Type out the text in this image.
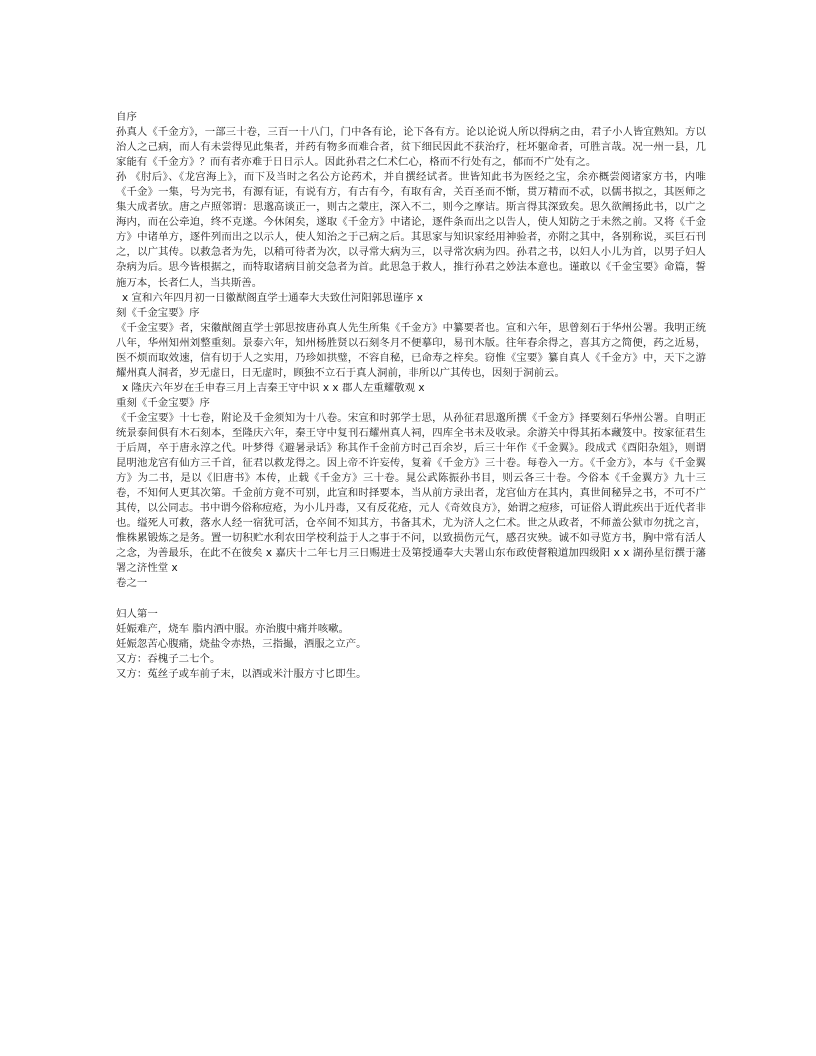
自序

孙真人《千金方》，一部三十卷，三百一十八门，门中各有论，论下各有方。论以论说人所以得病之由，君子小人皆宜熟知。方以治人之己病，而人有未尝得见此集者，并药有物多而难合者，贫下细民因此不获治疗，枉坏躯命者，可胜言哉。况一州一县，几家能有《千金方》？而有者亦难于日日示人。因此孙君之仁术仁心，格而不行处有之，郁而不广处有之。

孙 《肘后》、《龙宫海上》，而下及当时之名公方论药术，并自撰经试者。世皆知此书为医经之宝，余亦概尝阅诸家方书，内唯《千金》一集，号为完书，有源有证，有说有方，有古有今，有取有舍，关百圣而不惭，贯万精而不忒，以儒书拟之，其医师之集大成者欤。唐之卢照邻谓：思邈高谈正一，则古之蒙庄，深入不二，则今之摩诘。斯言得其深致矣。思久欲阐扬此书，以广之海内，而在公牵迫，终不克遂。今休闲矣，遂取《千金方》中诸论，逐件条而出之以告人，使人知防之于未然之前。又将《千金方》中诸单方，逐件列而出之以示人，使人知治之于己病之后。其思家与知识家经用神验者，亦附之其中，各别称说，买巨石刊之，以广其传。以救急者为先，以稍可待者为次，以寻常大病为三，以寻常次病为四。孙君之书，以妇人小儿为首，以男子妇人杂病为后。思今皆根据之，而特取诸病目前交急者为首。此思急于救人，推行孙君之妙法本意也。谨敢以《千金宝要》命篇，誓施万本，长者仁人，当共斯善。

x 宣和六年四月初一日徽猷阁直学士通奉大夫致仕河阳郭思谨序 x

刻《千金宝要》序

《千金宝要》者，宋徽猷阁直学士郭思按唐孙真人先生所集《千金方》中纂要者也。宣和六年，思曾刻石于华州公署。我明正统八年，华州知州刘整重刻。景泰六年，知州杨胜贤以石刻冬月不便摹印，易刊木版。往年春余得之，喜其方之简便，药之近易，医不烦而取效速，信有切于人之实用，乃珍如拱璧，不容自秘，已命寿之梓矣。窃惟《宝要》纂自真人《千金方》中，天下之游耀州真人洞者，岁无虚日，日无虚时，顾独不立石于真人洞前，非所以广其传也，因刻于洞前云。

x 隆庆六年岁在壬申春三月上吉秦王守中识 x x 郡人左重耀敬观 x

重刻《千金宝要》序

《千金宝要》十七卷，附论及千金须知为十八卷。宋宣和时郭学士思，从孙征君思邈所撰《千金方》择要刻石华州公署。自明正统景泰间俱有木石刻本，至隆庆六年，秦王守中复刊石耀州真人祠，四库全书未及收录。余游关中得其拓本藏笈中。按家征君生于后周，卒于唐永淳之代。叶梦得《避暑录话》称其作千金前方时己百余岁，后三十年作《千金翼》。段成式《酉阳杂俎》，则谓昆明池龙宫有仙方三千首，征君以救龙得之。因上帝不许妄传，复着《千金方》三十卷。每卷入一方。《千金方》，本与《千金翼方》为二书，是以《旧唐书》本传，止载《千金方》三十卷。晁公武陈振孙书目，则云各三十卷。今俗本《千金翼方》九十三卷，不知何人更其次第。千金前方竟不可别，此宣和时择要本，当从前方录出者，龙宫仙方在其内，真世间秘异之书，不可不广其传，以公同志。书中谓今俗称痘疮，为小儿丹毒，又有反花疮，元人《奇效良方》，始谓之痘疹，可证俗人谓此疾出于近代者非也。缢死人可救，落水人经一宿犹可活，仓卒间不知其方，书备其术，尤为济人之仁术。世之从政者，不师盖公狱市勿扰之言，惟株累锻炼之是务。置一切积贮水利农田学校利益于人之事于不问，以致损伤元气，感召灾殃。诚不如寻览方书，胸中常有活人之念，为善最乐，在此不在彼矣 x 嘉庆十二年七月三日赐进士及第授通奉大夫署山东布政使督粮道加四级阳 x x 湖孙星衍撰于藩署之济性堂 x

卷之一

妇人第一

妊娠难产，烧车 脂内酒中服。亦治腹中痛并咳嗽。

妊娠忽苦心腹痛，烧盐令赤热，三指撮，酒服之立产。

又方：吞槐子二七个。

又方：菟丝子或车前子末，以酒或米汁服方寸匕即生。
